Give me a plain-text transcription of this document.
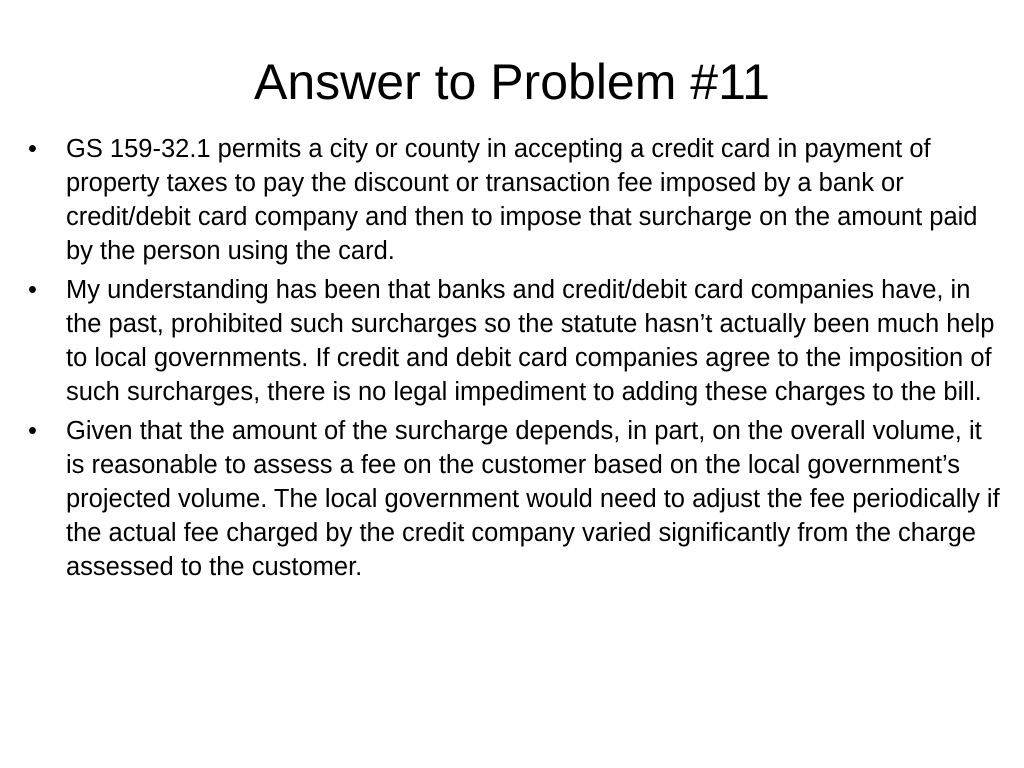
Answer to Problem #11
•	GS 159-32.1 permits a city or county in accepting a credit card in payment of property taxes to pay the discount or transaction fee imposed by a bank or credit/debit card company and then to impose that surcharge on the amount paid by the person using the card.
•	My understanding has been that banks and credit/debit card companies have, in the past, prohibited such surcharges so the statute hasn’t actually been much help to local governments. If credit and debit card companies agree to the imposition of such surcharges, there is no legal impediment to adding these charges to the bill.
•	Given that the amount of the surcharge depends, in part, on the overall volume, it is reasonable to assess a fee on the customer based on the local government’s projected volume. The local government would need to adjust the fee periodically if the actual fee charged by the credit company varied significantly from the charge assessed to the customer.
